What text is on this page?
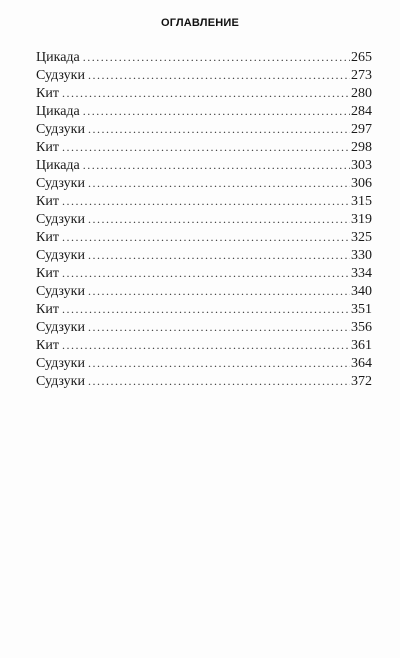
ОГЛАВЛЕНИЕ
Цикада .....	265
Судзуки .....	273
Кит .....	280
Цикада .....	284
Судзуки .....	297
Кит .....	298
Цикада .....	303
Судзуки .....	306
Кит .....	315
Судзуки .....	319
Кит .....	325
Судзуки .....	330
Кит .....	334
Судзуки .....	340
Кит .....	351
Судзуки .....	356
Кит .....	361
Судзуки .....	364
Судзуки .....	372
